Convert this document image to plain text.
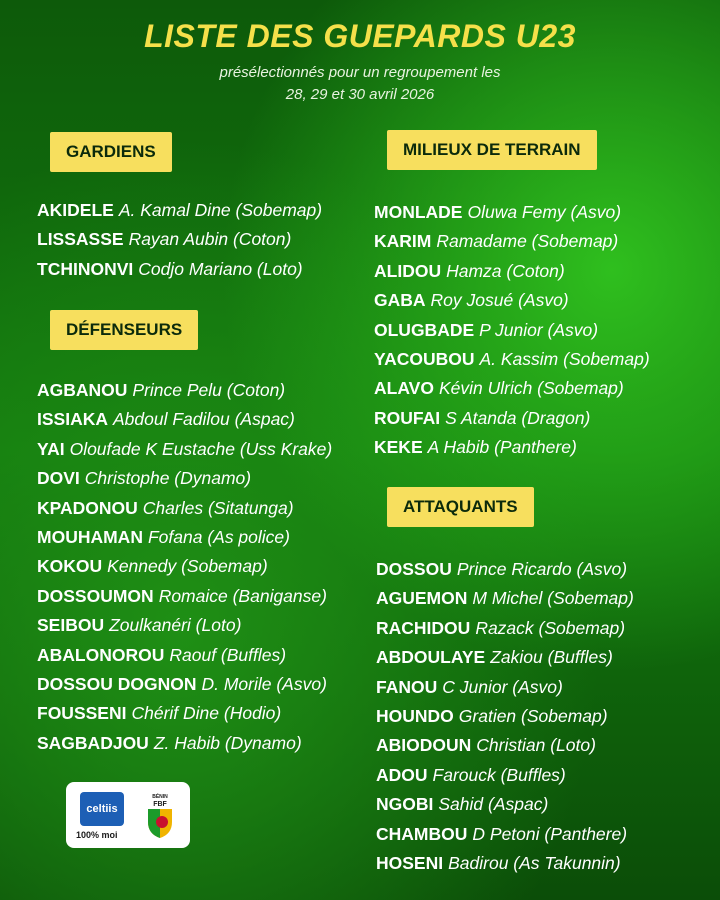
LISTE DES GUEPARDS U23
présélectionnés pour un regroupement les
28, 29 et 30 avril 2026
GARDIENS
AKIDELE A. Kamal Dine (Sobemap)
LISSASSE Rayan Aubin (Coton)
TCHINONVI Codjo Mariano (Loto)
DÉFENSEURS
AGBANOU Prince Pelu (Coton)
ISSIAKA Abdoul Fadilou (Aspac)
YAI Oloufade K Eustache (Uss Krake)
DOVI Christophe (Dynamo)
KPADONOU Charles (Sitatunga)
MOUHAMAN Fofana (As police)
KOKOU Kennedy (Sobemap)
DOSSOUMON Romaice (Baniganse)
SEIBOU Zoulkanéri (Loto)
ABALONOROU Raouf (Buffles)
DOSSOU DOGNON D. Morile (Asvo)
FOUSSENI Chérif Dine (Hodio)
SAGBADJOU Z. Habib (Dynamo)
MILIEUX DE TERRAIN
MONLADE Oluwa Femy (Asvo)
KARIM Ramadame (Sobemap)
ALIDOU Hamza (Coton)
GABA Roy Josué (Asvo)
OLUGBADE P Junior (Asvo)
YACOUBOU A. Kassim (Sobemap)
ALAVO Kévin Ulrich (Sobemap)
ROUFAI S Atanda (Dragon)
KEKE A Habib (Panthere)
ATTAQUANTS
DOSSOU Prince Ricardo (Asvo)
AGUEMON M Michel (Sobemap)
RACHIDOU Razack (Sobemap)
ABDOULAYE Zakiou (Buffles)
FANOU C Junior (Asvo)
HOUNDO Gratien (Sobemap)
ABIODOUN Christian (Loto)
ADOU Farouck (Buffles)
NGOBI Sahid (Aspac)
CHAMBOU D Petoni (Panthere)
HOSENI Badirou (As Takunnin)
celtiis
100% moi
BÉNIN
FBF
